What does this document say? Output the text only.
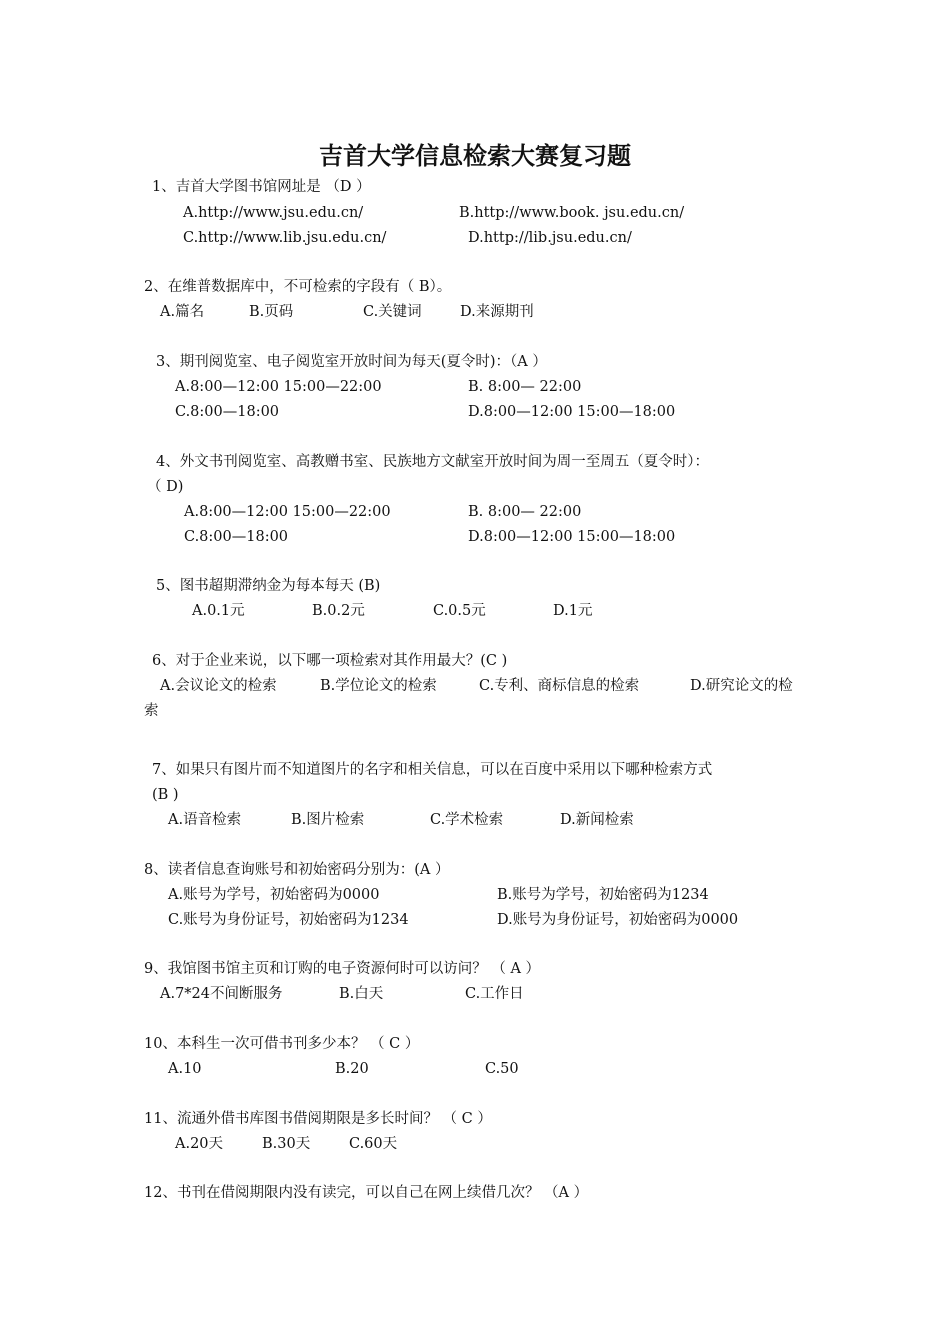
吉首大学信息检索大赛复习题
1、吉首大学图书馆网址是 （D ）
A.http://www.jsu.edu.cn/	B.http://www.book. jsu.edu.cn/
C.http://www.lib.jsu.edu.cn/	D.http://lib.jsu.edu.cn/
2、在维普数据库中，不可检索的字段有（ B）。
A.篇名	B.页码	C.关键词	D.来源期刊
3、期刊阅览室、电子阅览室开放时间为每天(夏令时)：（A ）
A.8:00—12:00 15:00—22:00	B. 8:00— 22:00
C.8:00—18:00	D.8:00—12:00 15:00—18:00
4、外文书刊阅览室、高教赠书室、民族地方文献室开放时间为周一至周五（夏令时）：
（ D)
A.8:00—12:00 15:00—22:00	B. 8:00— 22:00
C.8:00—18:00	D.8:00—12:00 15:00—18:00
5、图书超期滞纳金为每本每天 (B)
A.0.1元	B.0.2元	C.0.5元	D.1元
6、对于企业来说，以下哪一项检索对其作用最大？(C )
A.会议论文的检索	B.学位论文的检索	C.专利、商标信息的检索	D.研究论文的检
索
7、如果只有图片而不知道图片的名字和相关信息，可以在百度中采用以下哪种检索方式
(B )
A.语音检索	B.图片检索	C.学术检索	D.新闻检索
8、读者信息查询账号和初始密码分别为：(A ）
A.账号为学号，初始密码为0000	B.账号为学号，初始密码为1234
C.账号为身份证号，初始密码为1234	D.账号为身份证号，初始密码为0000
9、我馆图书馆主页和订购的电子资源何时可以访问？ （ A ）
A.7*24不间断服务	B.白天	C.工作日
10、本科生一次可借书刊多少本？ （ C ）
A.10	B.20	C.50
11、流通外借书库图书借阅期限是多长时间？ （ C ）
A.20天	B.30天	C.60天
12、书刊在借阅期限内没有读完，可以自己在网上续借几次？ （A ）
